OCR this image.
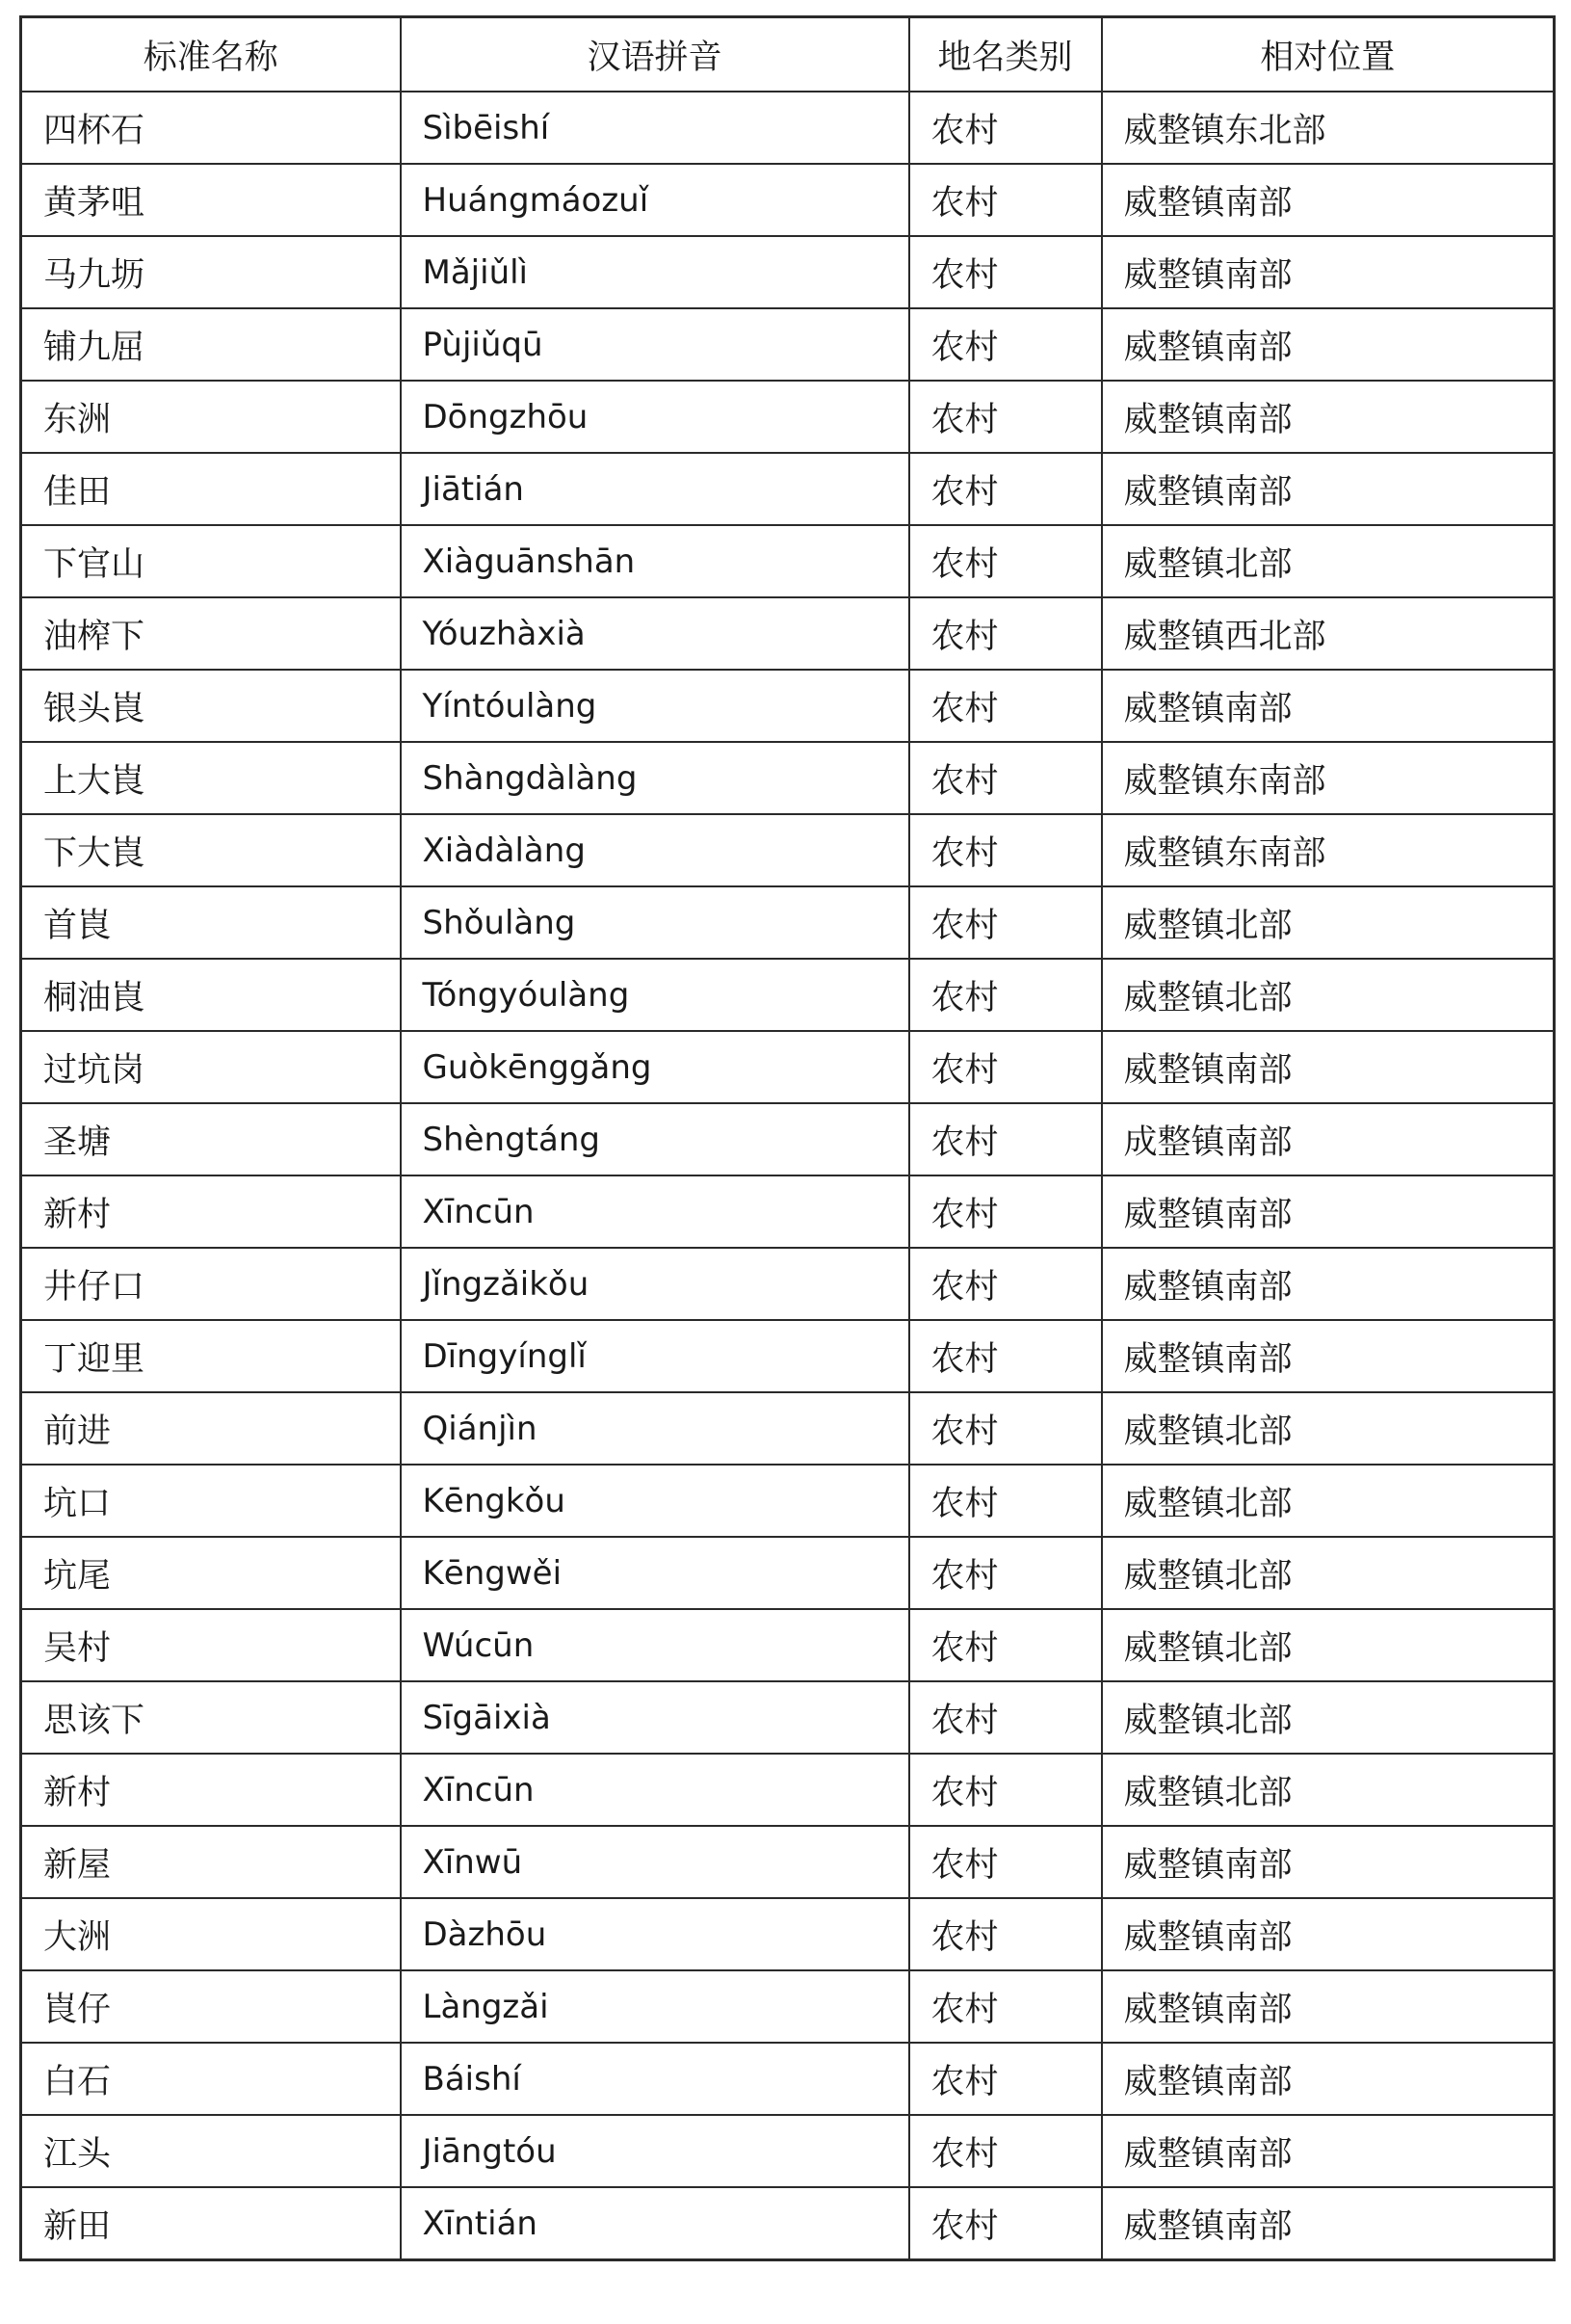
标准名称	汉语拼音	地名类别	相对位置
四杯石	Sìbēishí	农村	威整镇东北部
黄茅咀	Huángmáozuǐ	农村	威整镇南部
马九坜	Mǎjiǔlì	农村	威整镇南部
铺九屈	Pùjiǔqū	农村	威整镇南部
东洲	Dōngzhōu	农村	威整镇南部
佳田	Jiātián	农村	威整镇南部
下官山	Xiàguānshān	农村	威整镇北部
油榨下	Yóuzhàxià	农村	威整镇西北部
银头崀	Yíntóulàng	农村	威整镇南部
上大崀	Shàngdàlàng	农村	威整镇东南部
下大崀	Xiàdàlàng	农村	威整镇东南部
首崀	Shǒulàng	农村	威整镇北部
桐油崀	Tóngyóulàng	农村	威整镇北部
过坑岗	Guòkēnggǎng	农村	威整镇南部
圣塘	Shèngtáng	农村	成整镇南部
新村	Xīncūn	农村	威整镇南部
井仔口	Jǐngzǎikǒu	农村	威整镇南部
丁迎里	Dīngyínglǐ	农村	威整镇南部
前进	Qiánjìn	农村	威整镇北部
坑口	Kēngkǒu	农村	威整镇北部
坑尾	Kēngwěi	农村	威整镇北部
吴村	Wúcūn	农村	威整镇北部
思该下	Sīgāixià	农村	威整镇北部
新村	Xīncūn	农村	威整镇北部
新屋	Xīnwū	农村	威整镇南部
大洲	Dàzhōu	农村	威整镇南部
崀仔	Làngzǎi	农村	威整镇南部
白石	Báishí	农村	威整镇南部
江头	Jiāngtóu	农村	威整镇南部
新田	Xīntián	农村	威整镇南部
